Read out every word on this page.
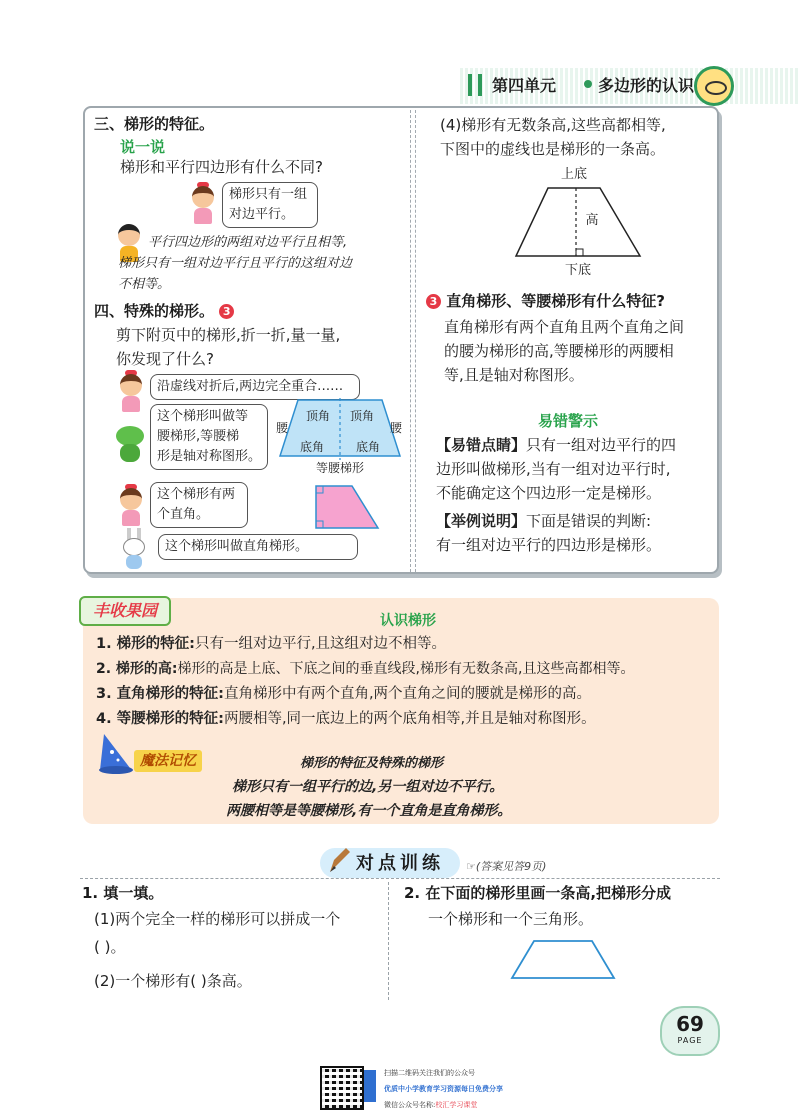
第四单元	多边形的认识
三、梯形的特征。
说一说
梯形和平行四边形有什么不同?
梯形只有一组
对边平行。
平行四边形的两组对边平行且相等,
梯形只有一组对边平行且平行的这组对边
不相等。
四、特殊的梯形。 3
剪下附页中的梯形,折一折,量一量,
你发现了什么?
沿虚线对折后,两边完全重合……
这个梯形叫做等
腰梯形,等腰梯
形是轴对称图形。
顶角 顶角
底角	底角
腰	腰
等腰梯形
这个梯形有两
个直角。
这个梯形叫做直角梯形。
(4)梯形有无数条高,这些高都相等,
下图中的虚线也是梯形的一条高。
上底
高
下底
3 直角梯形、等腰梯形有什么特征?
直角梯形有两个直角且两个直角之间
的腰为梯形的高,等腰梯形的两腰相
等,且是轴对称图形。
易错警示
【易错点睛】只有一组对边平行的四
边形叫做梯形,当有一组对边平行时,
不能确定这个四边形一定是梯形。
【举例说明】下面是错误的判断:
有一组对边平行的四边形是梯形。
丰收果园
认识梯形
1. 梯形的特征:只有一组对边平行,且这组对边不相等。
2. 梯形的高:梯形的高是上底、下底之间的垂直线段,梯形有无数条高,且这些高都相等。
3. 直角梯形的特征:直角梯形中有两个直角,两个直角之间的腰就是梯形的高。
4. 等腰梯形的特征:两腰相等,同一底边上的两个底角相等,并且是轴对称图形。
魔法记忆	梯形的特征及特殊的梯形
梯形只有一组平行的边,另一组对边不平行。
两腰相等是等腰梯形,有一个直角是直角梯形。
对点训练 ☞(答案见答9页)
1. 填一填。
(1)两个完全一样的梯形可以拼成一个
( )。
(2)一个梯形有( )条高。
2. 在下面的梯形里画一条高,把梯形分成
一个梯形和一个三角形。
69
PAGE
扫描二维码关注我们的公众号
优质中小学教育学习资源每日免费分享
微信公众号名称:校汇学习课堂
